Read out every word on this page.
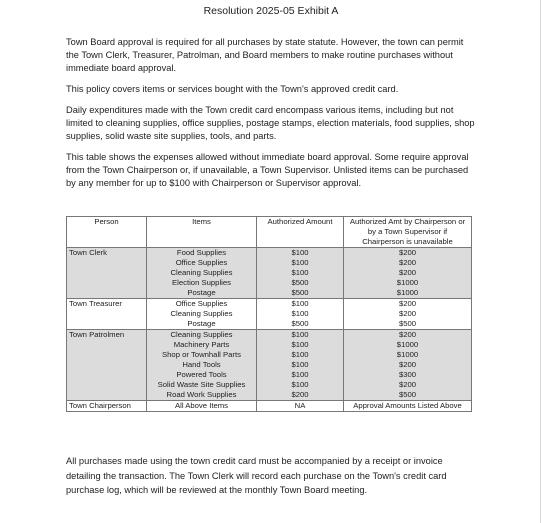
Resolution 2025-05 Exhibit A

Town Board approval is required for all purchases by state statute. However, the town can permit the Town Clerk, Treasurer, Patrolman, and Board members to make routine purchases without immediate board approval.

This policy covers items or services bought with the Town's approved credit card.

Daily expenditures made with the Town credit card encompass various items, including but not limited to cleaning supplies, office supplies, postage stamps, election materials, food supplies, shop supplies, solid waste site supplies, tools, and parts.

This table shows the expenses allowed without immediate board approval. Some require approval from the Town Chairperson or, if unavailable, a Town Supervisor. Unlisted items can be purchased by any member for up to $100 with Chairperson or Supervisor approval.

Person	Items	Authorized Amount	Authorized Amt by Chairperson or by a Town Supervisor if Chairperson is unavailable
Town Clerk	Food Supplies	$100	$200
	Office Supplies	$100	$200
	Cleaning Supplies	$100	$200
	Election Supplies	$500	$1000
	Postage	$500	$1000
Town Treasurer	Office Supplies	$100	$200
	Cleaning Supplies	$100	$200
	Postage	$500	$500
Town Patrolmen	Cleaning Supplies	$100	$200
	Machinery Parts	$100	$1000
	Shop or Townhall Parts	$100	$1000
	Hand Tools	$100	$200
	Powered Tools	$100	$300
	Solid Waste Site Supplies	$100	$200
	Road Work Supplies	$200	$500
Town Chairperson	All Above Items	NA	Approval Amounts Listed Above
All purchases made using the town credit card must be accompanied by a receipt or invoice detailing the transaction. The Town Clerk will record each purchase on the Town's credit card purchase log, which will be reviewed at the monthly Town Board meeting.
